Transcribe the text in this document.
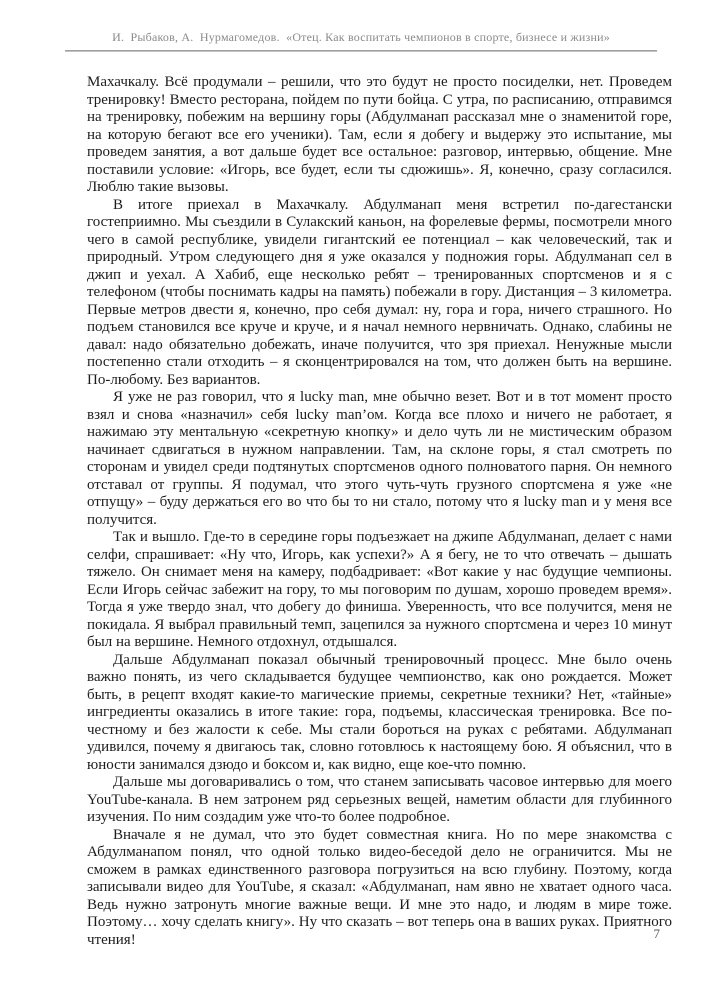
И.  Рыбаков, А.  Нурмагомедов.  «Отец. Как воспитать чемпионов в спорте, бизнесе и жизни»

Махачкалу. Всё продумали – решили, что это будут не просто посиделки, нет. Проведем тренировку! Вместо ресторана, пойдем по пути бойца. С утра, по расписанию, отправимся на тренировку, побежим на вершину горы (Абдулманап рассказал мне о знаменитой горе, на которую бегают все его ученики). Там, если я добегу и выдержу это испытание, мы проведем занятия, а вот дальше будет все остальное: разговор, интервью, общение. Мне поставили условие: «Игорь, все будет, если ты сдюжишь». Я, конечно, сразу согласился. Люблю такие вызовы.

В итоге приехал в Махачкалу. Абдулманап меня встретил по-дагестански гостеприимно. Мы съездили в Сулакский каньон, на форелевые фермы, посмотрели много чего в самой республике, увидели гигантский ее потенциал – как человеческий, так и природный. Утром следующего дня я уже оказался у подножия горы. Абдулманап сел в джип и уехал. А Хабиб, еще несколько ребят – тренированных спортсменов и я с телефоном (чтобы поснимать кадры на память) побежали в гору. Дистанция – 3 километра. Первые метров двести я, конечно, про себя думал: ну, гора и гора, ничего страшного. Но подъем становился все круче и круче, и я начал немного нервничать. Однако, слабины не давал: надо обязательно добежать, иначе получится, что зря приехал. Ненужные мысли постепенно стали отходить – я сконцентрировался на том, что должен быть на вершине. По-любому. Без вариантов.

Я уже не раз говорил, что я lucky man, мне обычно везет. Вот и в тот момент просто взял и снова «назначил» себя lucky man’ом. Когда все плохо и ничего не работает, я нажимаю эту ментальную «секретную кнопку» и дело чуть ли не мистическим образом начинает сдвигаться в нужном направлении. Там, на склоне горы, я стал смотреть по сторонам и увидел среди подтянутых спортсменов одного полноватого парня. Он немного отставал от группы. Я подумал, что этого чуть-чуть грузного спортсмена я уже «не отпущу» – буду держаться его во что бы то ни стало, потому что я lucky man и у меня все получится.

Так и вышло. Где-то в середине горы подъезжает на джипе Абдулманап, делает с нами селфи, спрашивает: «Ну что, Игорь, как успехи?» А я бегу, не то что отвечать – дышать тяжело. Он снимает меня на камеру, подбадривает: «Вот какие у нас будущие чемпионы. Если Игорь сейчас забежит на гору, то мы поговорим по душам, хорошо проведем время». Тогда я уже твердо знал, что добегу до финиша. Уверенность, что все получится, меня не покидала. Я выбрал правильный темп, зацепился за нужного спортсмена и через 10 минут был на вершине. Немного отдохнул, отдышался.

Дальше Абдулманап показал обычный тренировочный процесс. Мне было очень важно понять, из чего складывается будущее чемпионство, как оно рождается. Может быть, в рецепт входят какие-то магические приемы, секретные техники? Нет, «тайные» ингредиенты оказались в итоге такие: гора, подъемы, классическая тренировка. Все по-честному и без жалости к себе. Мы стали бороться на руках с ребятами. Абдулманап удивился, почему я двигаюсь так, словно готовлюсь к настоящему бою. Я объяснил, что в юности занимался дзюдо и боксом и, как видно, еще кое-что помню.

Дальше мы договаривались о том, что станем записывать часовое интервью для моего YouTube-канала. В нем затронем ряд серьезных вещей, наметим области для глубинного изучения. По ним создадим уже что-то более подробное.

Вначале я не думал, что это будет совместная книга. Но по мере знакомства с Абдулманапом понял, что одной только видео-беседой дело не ограничится. Мы не сможем в рамках единственного разговора погрузиться на всю глубину. Поэтому, когда записывали видео для YouTube, я сказал: «Абдулманап, нам явно не хватает одного часа. Ведь нужно затронуть многие важные вещи. И мне это надо, и людям в мире тоже. Поэтому… хочу сделать книгу». Ну что сказать – вот теперь она в ваших руках. Приятного чтения!	7
